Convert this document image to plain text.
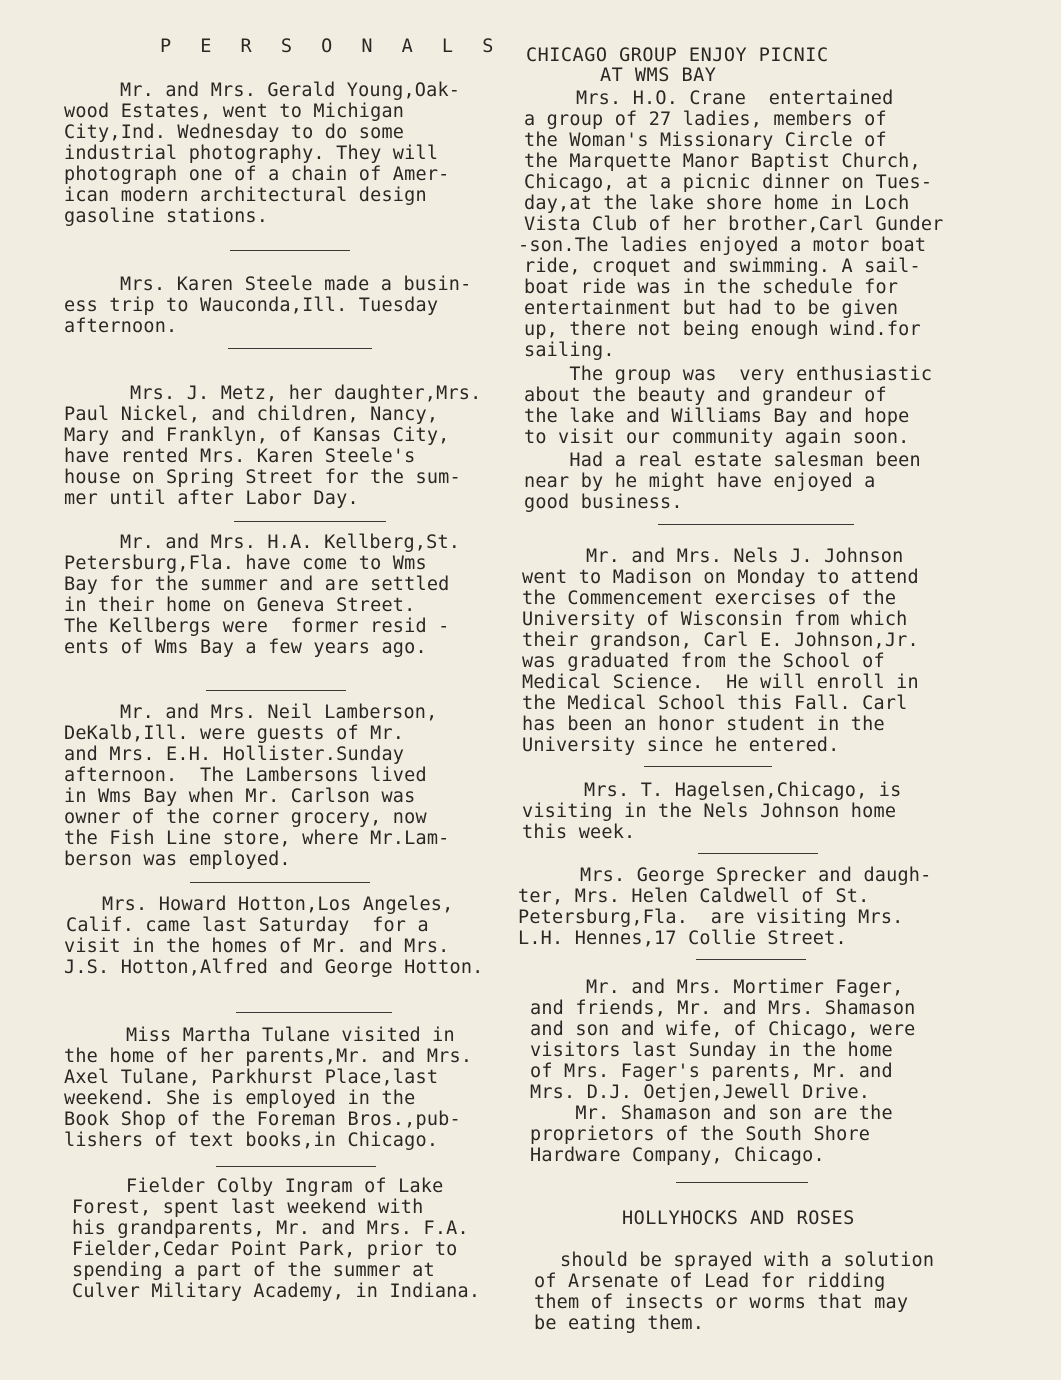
P E R S O N A L S
Mr. and Mrs. Gerald Young,Oak-
wood Estates, went to Michigan
City,Ind. Wednesday to do some
industrial photography. They will
photograph one of a chain of Amer-
ican modern architectural design
gasoline stations.
Mrs. Karen Steele made a busin-
ess trip to Wauconda,Ill. Tuesday
afternoon.
Mrs. J. Metz, her daughter,Mrs.
Paul Nickel, and children, Nancy,
Mary and Franklyn, of Kansas City,
have rented Mrs. Karen Steele's
house on Spring Street for the sum-
mer until after Labor Day.
Mr. and Mrs. H.A. Kellberg,St.
Petersburg,Fla. have come to Wms
Bay for the summer and are settled
in their home on Geneva Street.
The Kellbergs were  former resid -
ents of Wms Bay a few years ago.
Mr. and Mrs. Neil Lamberson,
DeKalb,Ill. were guests of Mr.
and Mrs. E.H. Hollister.Sunday
afternoon.  The Lambersons lived
in Wms Bay when Mr. Carlson was
owner of the corner grocery, now
the Fish Line store, where Mr.Lam-
berson was employed.
Mrs. Howard Hotton,Los Angeles,
Calif. came last Saturday  for a
visit in the homes of Mr. and Mrs.
J.S. Hotton,Alfred and George Hotton.
Miss Martha Tulane visited in
the home of her parents,Mr. and Mrs.
Axel Tulane, Parkhurst Place,last
weekend. She is employed in the
Book Shop of the Foreman Bros.,pub-
lishers of text books,in Chicago.
Fielder Colby Ingram of Lake
Forest, spent last weekend with
his grandparents, Mr. and Mrs. F.A.
Fielder,Cedar Point Park, prior to
spending a part of the summer at
Culver Military Academy, in Indiana.
CHICAGO GROUP ENJOY PICNIC
AT WMS BAY
Mrs. H.O. Crane  entertained
a group of 27 ladies, members of
the Woman's Missionary Circle of
the Marquette Manor Baptist Church,
Chicago, at a picnic dinner on Tues-
day,at the lake shore home in Loch
Vista Club of her brother,Carl Gunder
-son.The ladies enjoyed a motor boat
ride, croquet and swimming. A sail-
boat ride was in the schedule for
entertainment but had to be given
up, there not being enough wind.for
sailing.
The group was  very enthusiastic
about the beauty and grandeur of
the lake and Williams Bay and hope
to visit our community again soon.
Had a real estate salesman been
near by he might have enjoyed a
good business.
Mr. and Mrs. Nels J. Johnson
went to Madison on Monday to attend
the Commencement exercises of the
University of Wisconsin from which
their grandson, Carl E. Johnson,Jr.
was graduated from the School of
Medical Science.  He will enroll in
the Medical School this Fall. Carl
has been an honor student in the
University since he entered.
Mrs. T. Hagelsen,Chicago, is
visiting in the Nels Johnson home
this week.
Mrs. George Sprecker and daugh-
ter, Mrs. Helen Caldwell of St.
Petersburg,Fla.  are visiting Mrs.
L.H. Hennes,17 Collie Street.
Mr. and Mrs. Mortimer Fager,
and friends, Mr. and Mrs. Shamason
and son and wife, of Chicago, were
visitors last Sunday in the home
of Mrs. Fager's parents, Mr. and
Mrs. D.J. Oetjen,Jewell Drive.
Mr. Shamason and son are the
proprietors of the South Shore
Hardware Company, Chicago.
HOLLYHOCKS AND ROSES
should be sprayed with a solution
of Arsenate of Lead for ridding
them of insects or worms that may
be eating them.
